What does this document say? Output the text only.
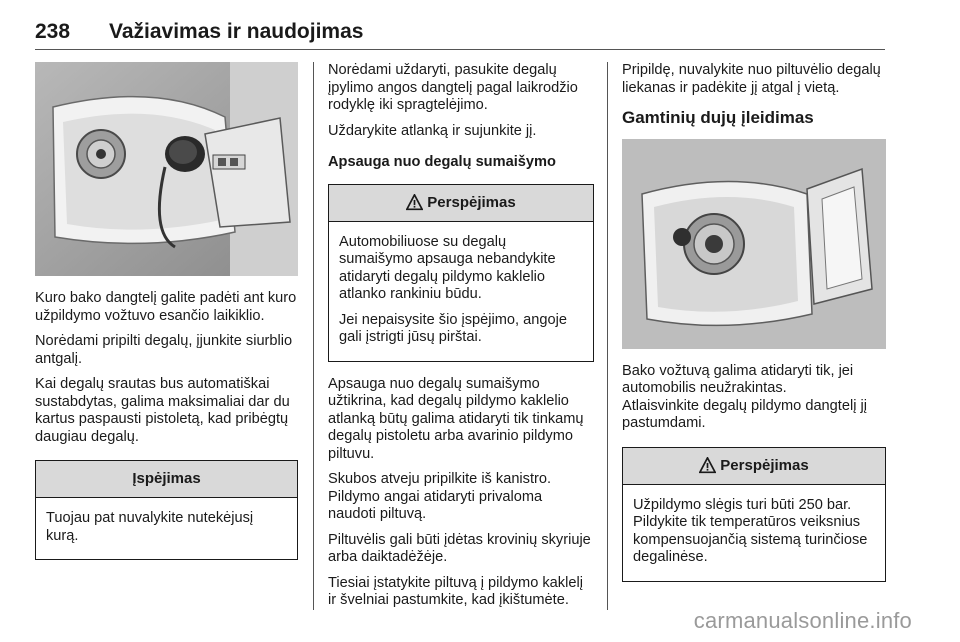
238 Važiavimas ir naudojimas

Kuro bako dangtelį galite padėti ant kuro užpildymo vožtuvo esančio laikiklio.

Norėdami pripilti degalų, įjunkite siurblio antgalį.

Kai degalų srautas bus automatiškai sustabdytas, galima maksimaliai dar du kartus paspausti pistoletą, kad pribėgtų daugiau degalų.

Įspėjimas

Tuojau pat nuvalykite nutekėjusį kurą.

Norėdami uždaryti, pasukite degalų įpylimo angos dangtelį pagal laikrodžio rodyklę iki spragtelėjimo.

Uždarykite atlanką ir sujunkite jį.

Apsauga nuo degalų sumaišymo
Perspėjimas

Automobiliuose su degalų sumaišymo apsauga nebandykite atidaryti degalų pildymo kaklelio atlanko rankiniu būdu.

Jei nepaisysite šio įspėjimo, angoje gali įstrigti jūsų pirštai.

Apsauga nuo degalų sumaišymo užtikrina, kad degalų pildymo kaklelio atlanką būtų galima atidaryti tik tinkamų degalų pistoletu arba avarinio pildymo piltuvu.

Skubos atveju pripilkite iš kanistro. Pildymo angai atidaryti privaloma naudoti piltuvą.

Piltuvėlis gali būti įdėtas krovinių skyriuje arba daiktadėžėje.

Tiesiai įstatykite piltuvą į pildymo kaklelį ir švelniai pastumkite, kad įkištumėte.

Pripildę, nuvalykite nuo piltuvėlio degalų liekanas ir padėkite jį atgal į vietą.

Gamtinių dujų įleidimas

Bako vožtuvą galima atidaryti tik, jei automobilis neužrakintas.

Atlaisvinkite degalų pildymo dangtelį jį pastumdami.

Perspėjimas

Užpildymo slėgis turi būti 250 bar. Pildykite tik temperatūros veiksnius kompensuojančią sistemą turinčiose degalinėse.

carmanualsonline.info
